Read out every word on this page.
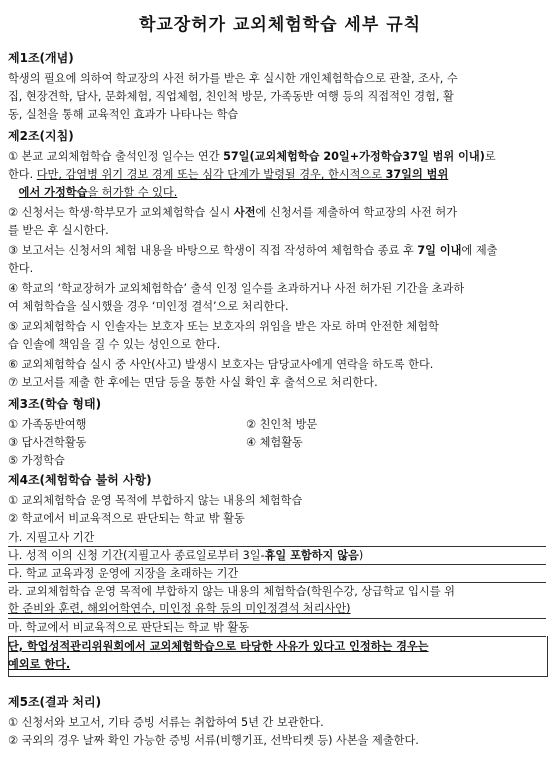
학교장허가 교외체험학습 세부 규칙
제1조(개념)
학생의 필요에 의하여 학교장의 사전 허가를 받은 후 실시한 개인체험학습으로 관찰, 조사, 수
집, 현장견학, 답사, 문화체험, 직업체험, 친인척 방문, 가족동반 여행 등의 직접적인 경험, 활
동, 실천을 통해 교육적인 효과가 나타나는 학습
제2조(지침)
① 본교 교외체험학습 출석인정 일수는 연간 57일(교외체험학습 20일+가정학습37일 범위 이내)로
한다. 다만, 감염병 위기 경보 경계 또는 심각 단계가 발령될 경우, 한시적으로 37일의 범위
에서 가정학습을 허가할 수 있다.
② 신청서는 학생·학부모가 교외체험학습 실시 사전에 신청서를 제출하여 학교장의 사전 허가
를 받은 후 실시한다.
③ 보고서는 신청서의 체험 내용을 바탕으로 학생이 직접 작성하여 체험학습 종료 후 7일 이내에 제출
한다.
④ 학교의 ‘학교장허가 교외체험학습’ 출석 인정 일수를 초과하거나 사전 허가된 기간을 초과하
여 체험학습을 실시했을 경우 ‘미인정 결석’으로 처리한다.
⑤ 교외체험학습 시 인솔자는 보호자 또는 보호자의 위임을 받은 자로 하며 안전한 체험학
습 인솔에 책임을 질 수 있는 성인으로 한다.
⑥ 교외체험학습 실시 중 사안(사고) 발생시 보호자는 담당교사에게 연락을 하도록 한다.
⑦ 보고서를 제출 한 후에는 면담 등을 통한 사실 확인 후 출석으로 처리한다.
제3조(학습 형태)
① 가족동반여행	② 친인척 방문
③ 답사견학활동	④ 체험활동
⑤ 가정학습
제4조(체험학습 불허 사항)
① 교외체험학습 운영 목적에 부합하지 않는 내용의 체험학습
② 학교에서 비교육적으로 판단되는 학교 밖 활동
가. 지필고사 기간
나. 성적 이의 신청 기간(지필고사 종료일로부터 3일-휴일 포함하지 않음)
다. 학교 교육과정 운영에 지장을 초래하는 기간
라. 교외체험학습 운영 목적에 부합하지 않는 내용의 체험학습(학원수강, 상급학교 입시를 위
한 준비와 훈련, 해외어학연수, 미인정 유학 등의 미인정결석 처리사안)
마. 학교에서 비교육적으로 판단되는 학교 밖 활동
단, 학업성적관리위원회에서 교외체험학습으로 타당한 사유가 있다고 인정하는 경우는
예외로 한다.
제5조(결과 처리)
① 신청서와 보고서, 기타 증빙 서류는 취합하여 5년 간 보관한다.
② 국외의 경우 날짜 확인 가능한 증빙 서류(비행기표, 선박티켓 등) 사본을 제출한다.
